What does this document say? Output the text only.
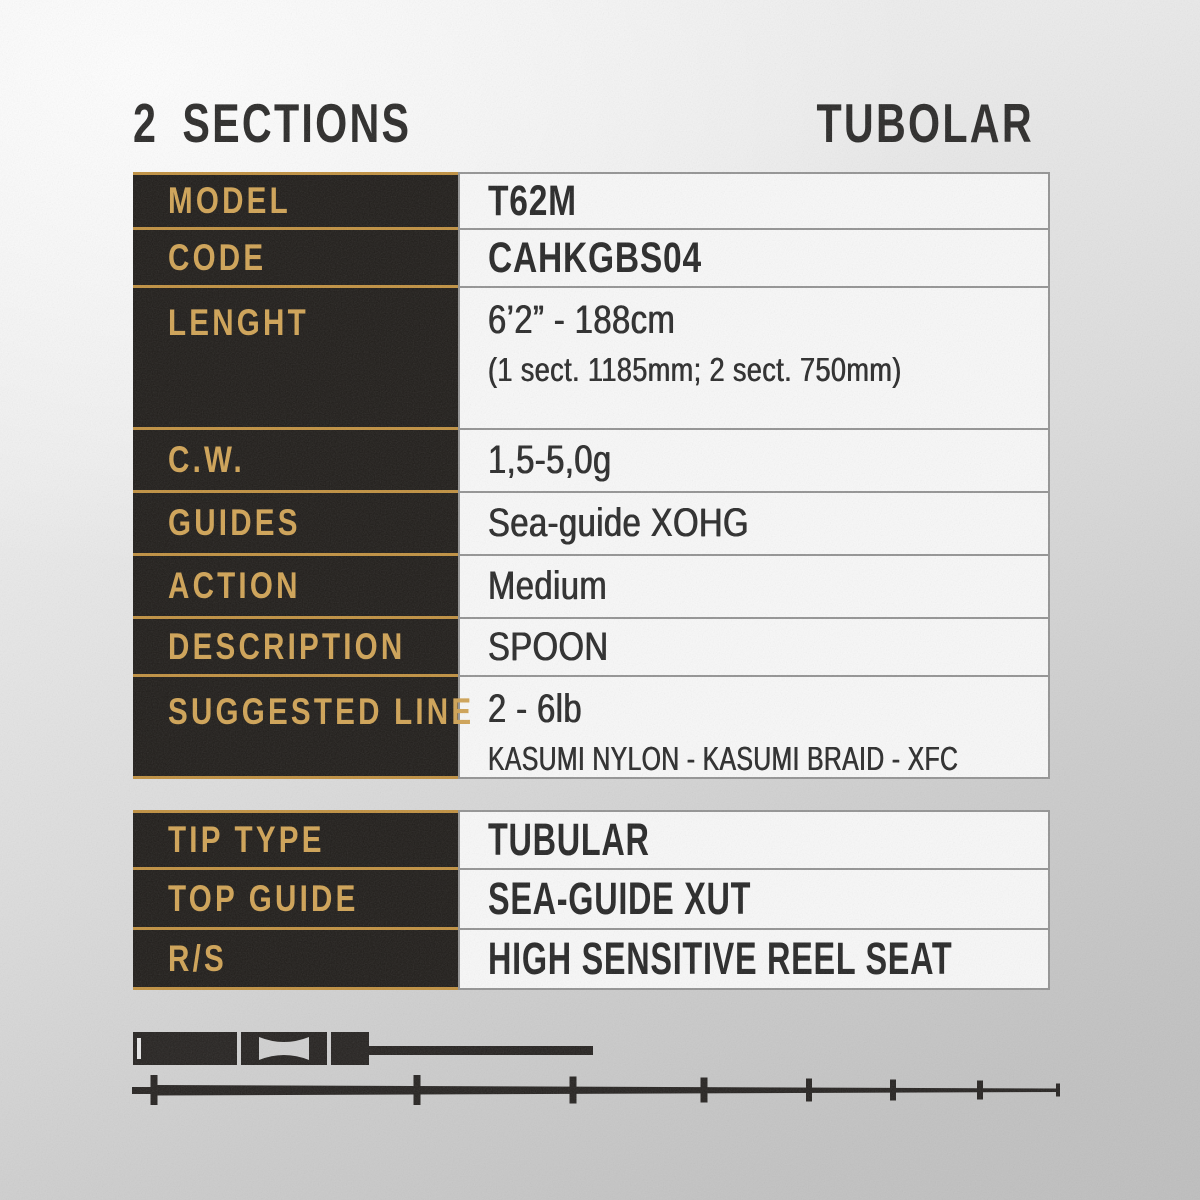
2 SECTIONS	TUBOLAR
MODEL	T62M
CODE	CAHKGBS04
LENGHT	6’2” - 188cm
(1 sect. 1185mm; 2 sect. 750mm)
C.W.	1,5-5,0g
GUIDES	Sea-guide XOHG
ACTION	Medium
DESCRIPTION SPOON
SUGGESTED LINE 2 - 6lb
KASUMI NYLON - KASUMI BRAID - XFC
TIP TYPE	TUBULAR
TOP GUIDE	SEA-GUIDE XUT
R/S	HIGH SENSITIVE REEL SEAT
